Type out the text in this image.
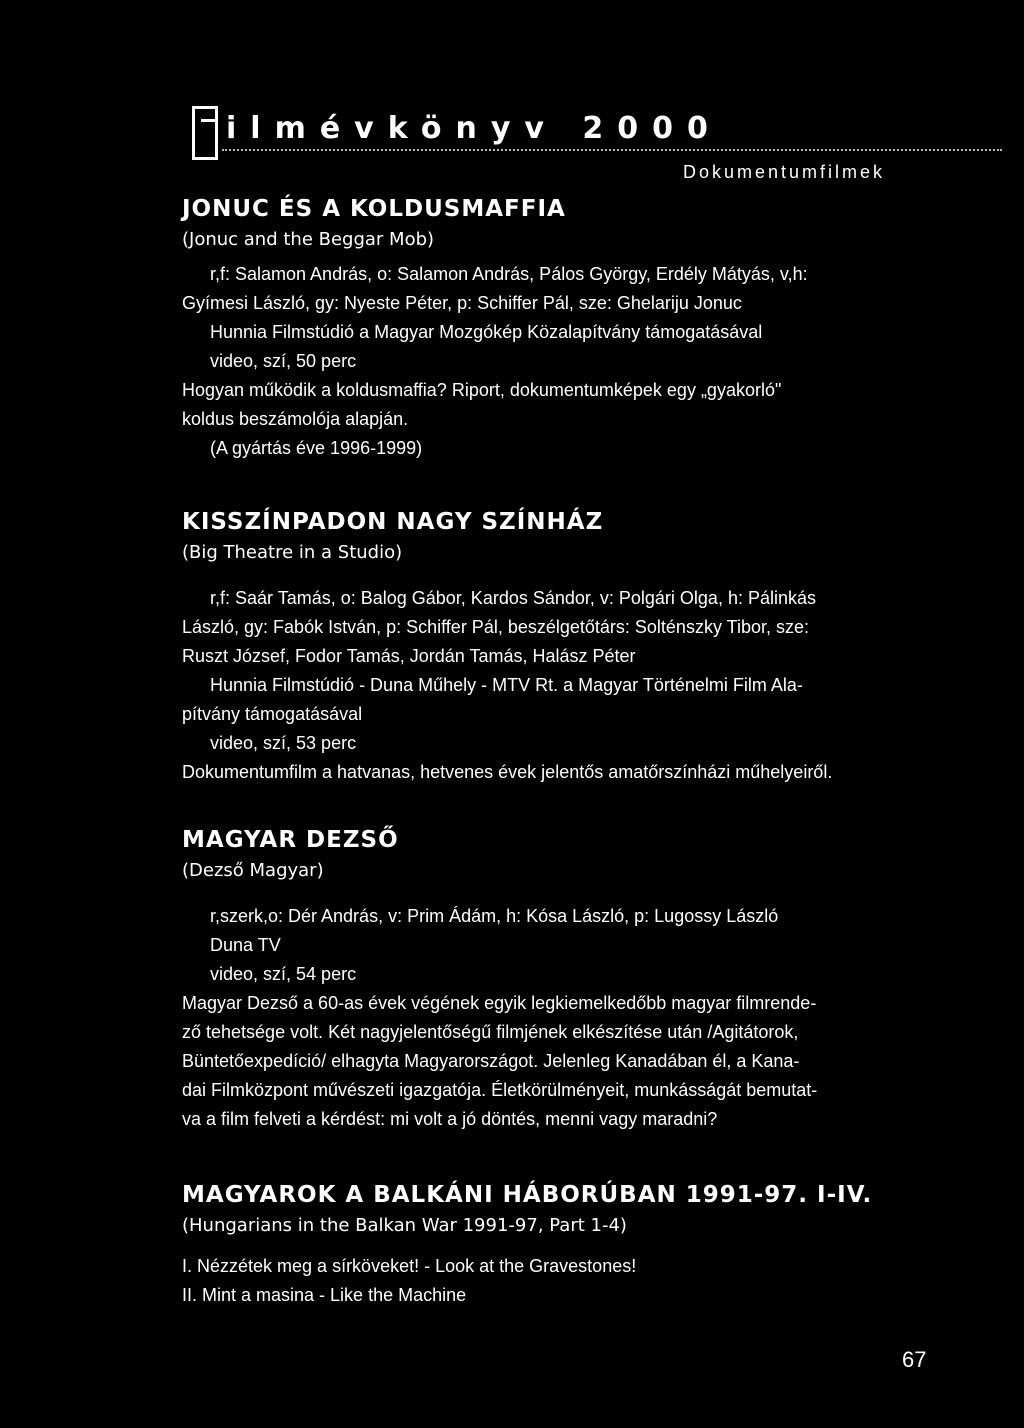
ilmévkönyv 2000
Dokumentumfilmek
JONUC ÉS A KOLDUSMAFFIA
(Jonuc and the Beggar Mob)
r,f: Salamon András, o: Salamon András, Pálos György, Erdély Mátyás, v,h:
Gyímesi László, gy: Nyeste Péter, p: Schiffer Pál, sze: Ghelariju Jonuc
Hunnia Filmstúdió a Magyar Mozgókép Közalapítvány támogatásával
video, szí, 50 perc
Hogyan működik a koldusmaffia? Riport, dokumentumképek egy „gyakorló"
koldus beszámolója alapján.
(A gyártás éve 1996-1999)
KISSZÍNPADON NAGY SZÍNHÁZ
(Big Theatre in a Studio)
r,f: Saár Tamás, o: Balog Gábor, Kardos Sándor, v: Polgári Olga, h: Pálinkás
László, gy: Fabók István, p: Schiffer Pál, beszélgetőtárs: Solténszky Tibor, sze:
Ruszt József, Fodor Tamás, Jordán Tamás, Halász Péter
Hunnia Filmstúdió - Duna Műhely - MTV Rt. a Magyar Történelmi Film Ala-
pítvány támogatásával
video, szí, 53 perc
Dokumentumfilm a hatvanas, hetvenes évek jelentős amatőrszínházi műhelyeiről.
MAGYAR DEZSŐ
(Dezső Magyar)
r,szerk,o: Dér András, v: Prim Ádám, h: Kósa László, p: Lugossy László
Duna TV
video, szí, 54 perc
Magyar Dezső a 60-as évek végének egyik legkiemelkedőbb magyar filmrende-
ző tehetsége volt. Két nagyjelentőségű filmjének elkészítése után /Agitátorok,
Büntetőexpedíció/ elhagyta Magyarországot. Jelenleg Kanadában él, a Kana-
dai Filmközpont művészeti igazgatója. Életkörülményeit, munkásságát bemutat-
va a film felveti a kérdést: mi volt a jó döntés, menni vagy maradni?
MAGYAROK A BALKÁNI HÁBORÚBAN 1991-97. I-IV.
(Hungarians in the Balkan War 1991-97, Part 1-4)
I. Nézzétek meg a sírköveket! - Look at the Gravestones!
II. Mint a masina - Like the Machine
67
